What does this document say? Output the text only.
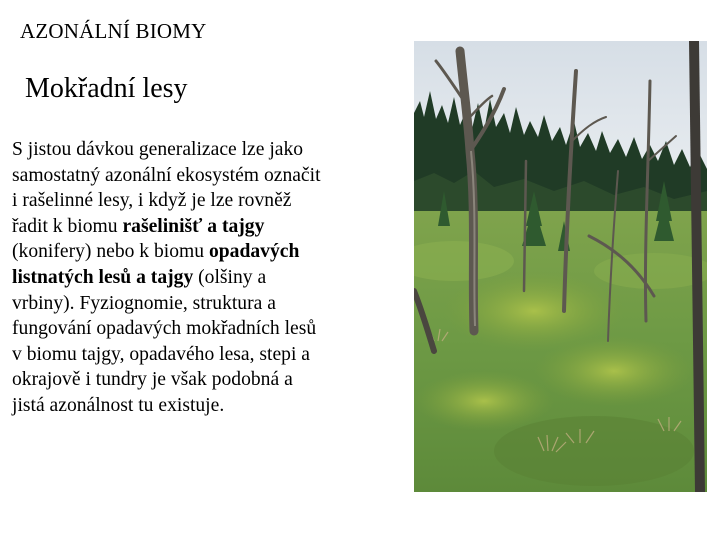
AZONÁLNÍ BIOMY
Mokřadní lesy
S jistou dávkou generalizace lze jako
samostatný azonální ekosystém označit
i rašelinné lesy, i když je lze rovněž
řadit k biomu rašelinišť a tajgy
(konifery) nebo k biomu opadavých
listnatých lesů a tajgy (olšiny a
vrbiny). Fyziognomie, struktura a
fungování opadavých mokřadních lesů
v biomu tajgy, opadavého lesa, stepi a
okrajově i tundry je však podobná a
jistá azonálnost tu existuje.
